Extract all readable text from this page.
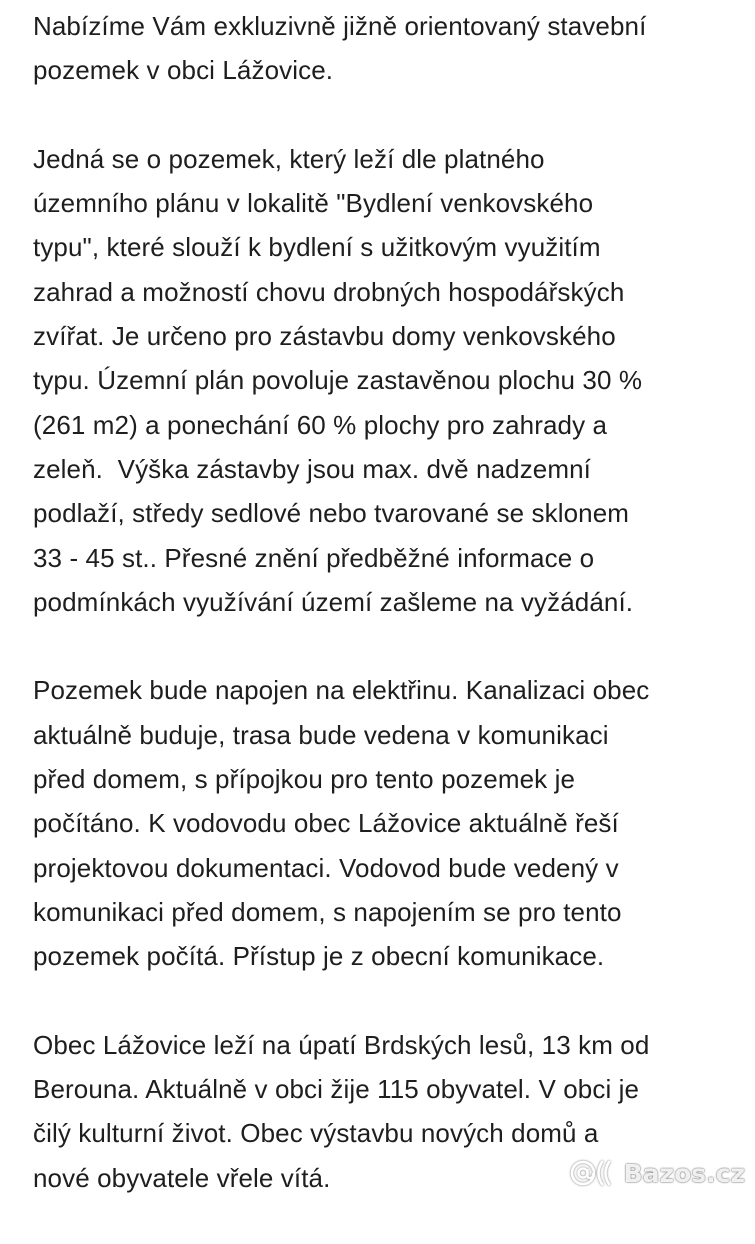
Nabízíme Vám exkluzivně jižně orientovaný stavební
pozemek v obci Lážovice.

Jedná se o pozemek, který leží dle platného
územního plánu v lokalitě "Bydlení venkovského
typu", které slouží k bydlení s užitkovým využitím
zahrad a možností chovu drobných hospodářských
zvířat. Je určeno pro zástavbu domy venkovského
typu. Územní plán povoluje zastavěnou plochu 30 %
(261 m2) a ponechání 60 % plochy pro zahrady a
zeleň.  Výška zástavby jsou max. dvě nadzemní
podlaží, středy sedlové nebo tvarované se sklonem
33 - 45 st.. Přesné znění předběžné informace o
podmínkách využívání území zašleme na vyžádání.

Pozemek bude napojen na elektřinu. Kanalizaci obec
aktuálně buduje, trasa bude vedena v komunikaci
před domem, s přípojkou pro tento pozemek je
počítáno. K vodovodu obec Lážovice aktuálně řeší
projektovou dokumentaci. Vodovod bude vedený v
komunikaci před domem, s napojením se pro tento
pozemek počítá. Přístup je z obecní komunikace.

Obec Lážovice leží na úpatí Brdských lesů, 13 km od
Berouna. Aktuálně v obci žije 115 obyvatel. V obci je
čilý kulturní život. Obec výstavbu nových domů a
nové obyvatele vřele vítá.	Bazos.cz
